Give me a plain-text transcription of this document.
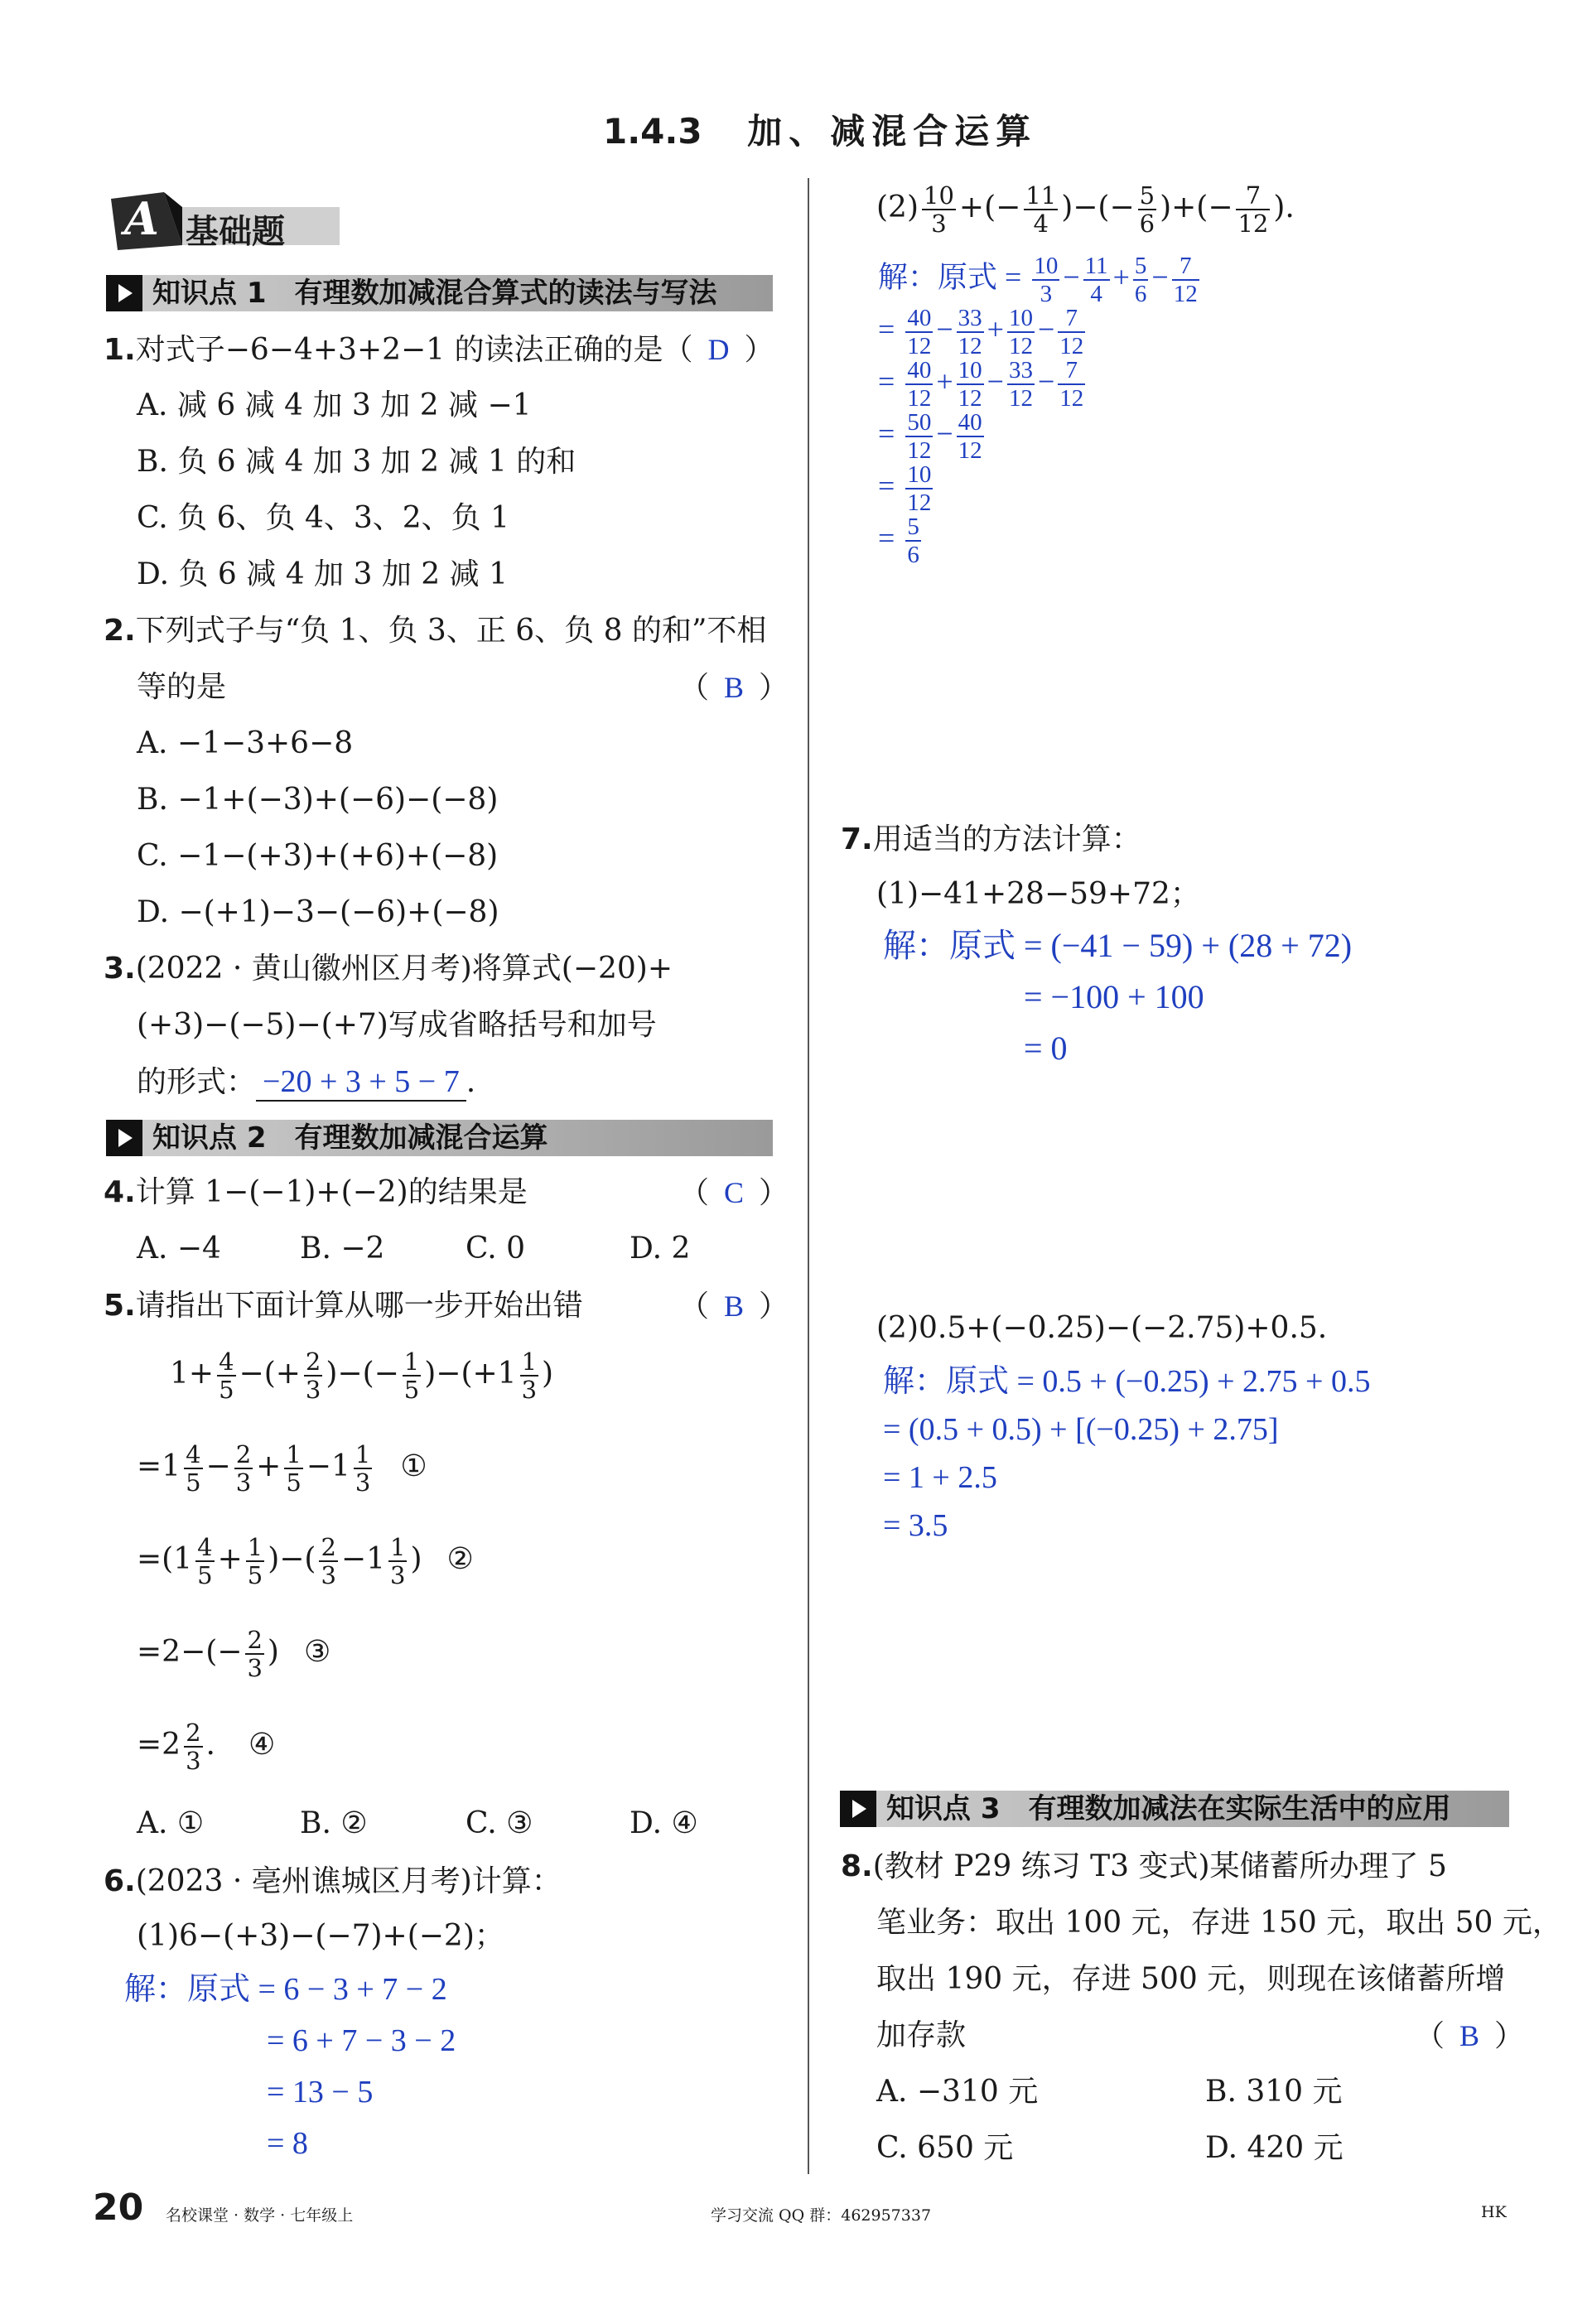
1.4.3 加、减混合运算
A 基础题
知识点 1　有理数加减混合算式的读法与写法
1.对式子−6−4+3+2−1 的读法正确的是（ D ）
A. 减 6 减 4 加 3 加 2 减 −1
B. 负 6 减 4 加 3 加 2 减 1 的和
C. 负 6、负 4、3、2、负 1
D. 负 6 减 4 加 3 加 2 减 1
2.下列式子与“负 1、负 3、正 6、负 8 的和”不相
等的是	（ B ）
A. −1−3+6−8
B. −1+(−3)+(−6)−(−8)
C. −1−(+3)+(+6)+(−8)
D. −(+1)−3−(−6)+(−8)
3.(2022 · 黄山徽州区月考)将算式(−20)+
(+3)−(−5)−(+7)写成省略括号和加号
的形式： −20 + 3 + 5 − 7 .
知识点 2　有理数加减混合运算
4.计算 1−(−1)+(−2)的结果是	（ C ）
A. −4	B. −2	C. 0	D. 2
5.请指出下面计算从哪一步开始出错	（ B ）
$1+ \frac{4}{5}$ −(+ $\frac{2}{3}$ )−(− $\frac{1}{5} )-(+1 \frac{1}{3}$ )
$=1 \frac{4}{5} - \frac{2}{3} + \frac{1}{5} -1 \frac{1}{3}$ ①
$=(1 \frac{4}{5} + \frac{1}{5}$ )−( $\frac{2}{3} -1 \frac{1}{3}$ ) ②
$=2-(- \frac{2}{3}$ ) ③
$=2 \frac{2}{3}$ . ④
A. ①	B. ②	C. ③	D. ④
6.(2023 · 亳州谯城区月考)计算：
(1)6−(+3)−(−7)+(−2)；
解：原式 = 6 − 3 + 7 − 2
= 6 + 7 − 3 − 2
= 13 − 5
= 8
$(2) \frac{10}{3}$ +(− $\frac{11}{4}$ )−(− $\frac{5}{6}$ )+(− $\frac{7}{12}$ ).
解：原式 = $\frac{10}{3} - \frac{11}{4} + \frac{5}{6} - \frac{7}{12}$
= $\frac{40}{12} - \frac{33}{12} + \frac{10}{12} - \frac{7}{12}$
= $\frac{40}{12} + \frac{10}{12} - \frac{33}{12} - \frac{7}{12}$
= $\frac{50}{12} - \frac{40}{12}$
= $\frac{10}{12}$
= $\frac{5}{6}$
7.用适当的方法计算：
(1)−41+28−59+72；
解：原式 = (−41 − 59) + (28 + 72)
= −100 + 100
= 0
(2)0.5+(−0.25)−(−2.75)+0.5.
解：原式 = 0.5 + (−0.25) + 2.75 + 0.5
= (0.5 + 0.5) + [(−0.25) + 2.75]
= 1 + 2.5
= 3.5
知识点 3　有理数加减法在实际生活中的应用
8.(教材 P29 练习 T3 变式)某储蓄所办理了 5
笔业务：取出 100 元，存进 150 元，取出 50 元，
取出 190 元，存进 500 元，则现在该储蓄所增
加存款	（ B ）
A. −310 元	B. 310 元
C. 650 元	D. 420 元
20 名校课堂 · 数学 · 七年级上	学习交流 QQ 群：462957337	HK
